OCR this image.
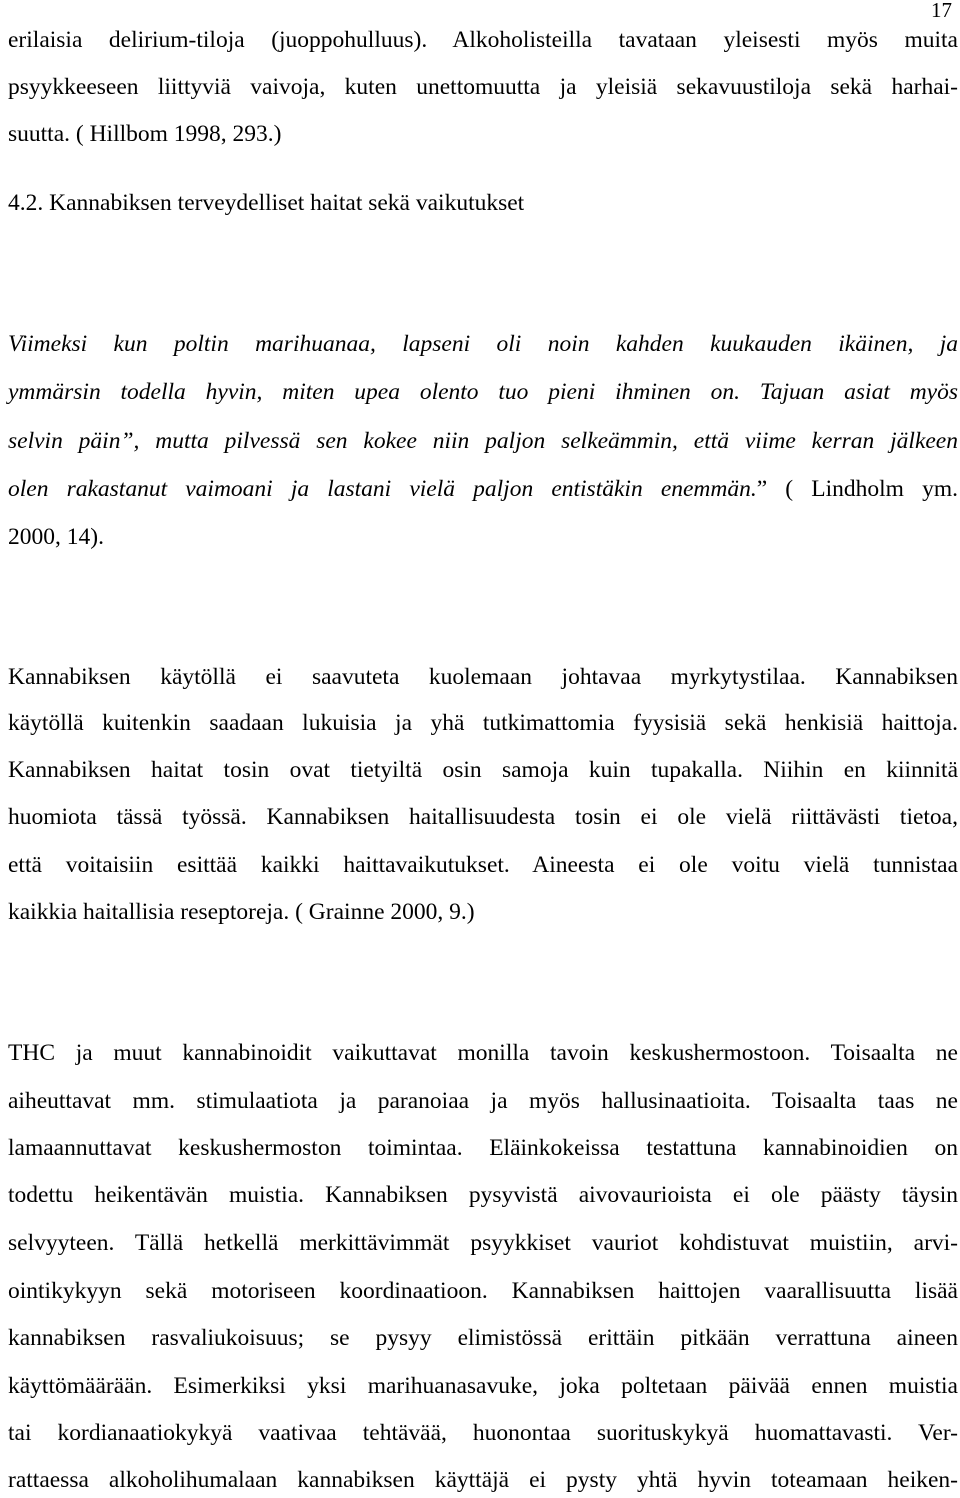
17
erilaisia delirium-tiloja (juoppohulluus). Alkoholisteilla tavataan yleisesti myös muita
psyykkeeseen liittyviä vaivoja, kuten unettomuutta ja yleisiä sekavuustiloja sekä harhai-
suutta. ( Hillbom 1998, 293.)
4.2. Kannabiksen terveydelliset haitat sekä vaikutukset
Viimeksi kun poltin marihuanaa, lapseni oli noin kahden kuukauden ikäinen, ja
ymmärsin todella hyvin, miten upea olento tuo pieni ihminen on. Tajuan asiat myös
selvin päin”, mutta pilvessä sen kokee niin paljon selkeämmin, että viime kerran jälkeen
olen rakastanut vaimoani ja lastani vielä paljon entistäkin enemmän.” ( Lindholm ym.
2000, 14).
Kannabiksen käytöllä ei saavuteta kuolemaan johtavaa myrkytystilaa. Kannabiksen
käytöllä kuitenkin saadaan lukuisia ja yhä tutkimattomia fyysisiä sekä henkisiä haittoja.
Kannabiksen haitat tosin ovat tietyiltä osin samoja kuin tupakalla. Niihin en kiinnitä
huomiota tässä työssä. Kannabiksen haitallisuudesta tosin ei ole vielä riittävästi tietoa,
että voitaisiin esittää kaikki haittavaikutukset. Aineesta ei ole voitu vielä tunnistaa
kaikkia haitallisia reseptoreja. ( Grainne 2000, 9.)
THC ja muut kannabinoidit vaikuttavat monilla tavoin keskushermostoon. Toisaalta ne
aiheuttavat mm. stimulaatiota ja paranoiaa ja myös hallusinaatioita. Toisaalta taas ne
lamaannuttavat keskushermoston toimintaa. Eläinkokeissa testattuna kannabinoidien on
todettu heikentävän muistia. Kannabiksen pysyvistä aivovaurioista ei ole päästy täysin
selvyyteen. Tällä hetkellä merkittävimmät psyykkiset vauriot kohdistuvat muistiin, arvi-
ointikykyyn sekä motoriseen koordinaatioon. Kannabiksen haittojen vaarallisuutta lisää
kannabiksen rasvaliukoisuus; se pysyy elimistössä erittäin pitkään verrattuna aineen
käyttömäärään. Esimerkiksi yksi marihuanasavuke, joka poltetaan päivää ennen muistia
tai kordianaatiokykyä vaativaa tehtävää, huonontaa suorituskykyä huomattavasti. Ver-
rattaessa alkoholihumalaan kannabiksen käyttäjä ei pysty yhtä hyvin toteamaan heiken-
